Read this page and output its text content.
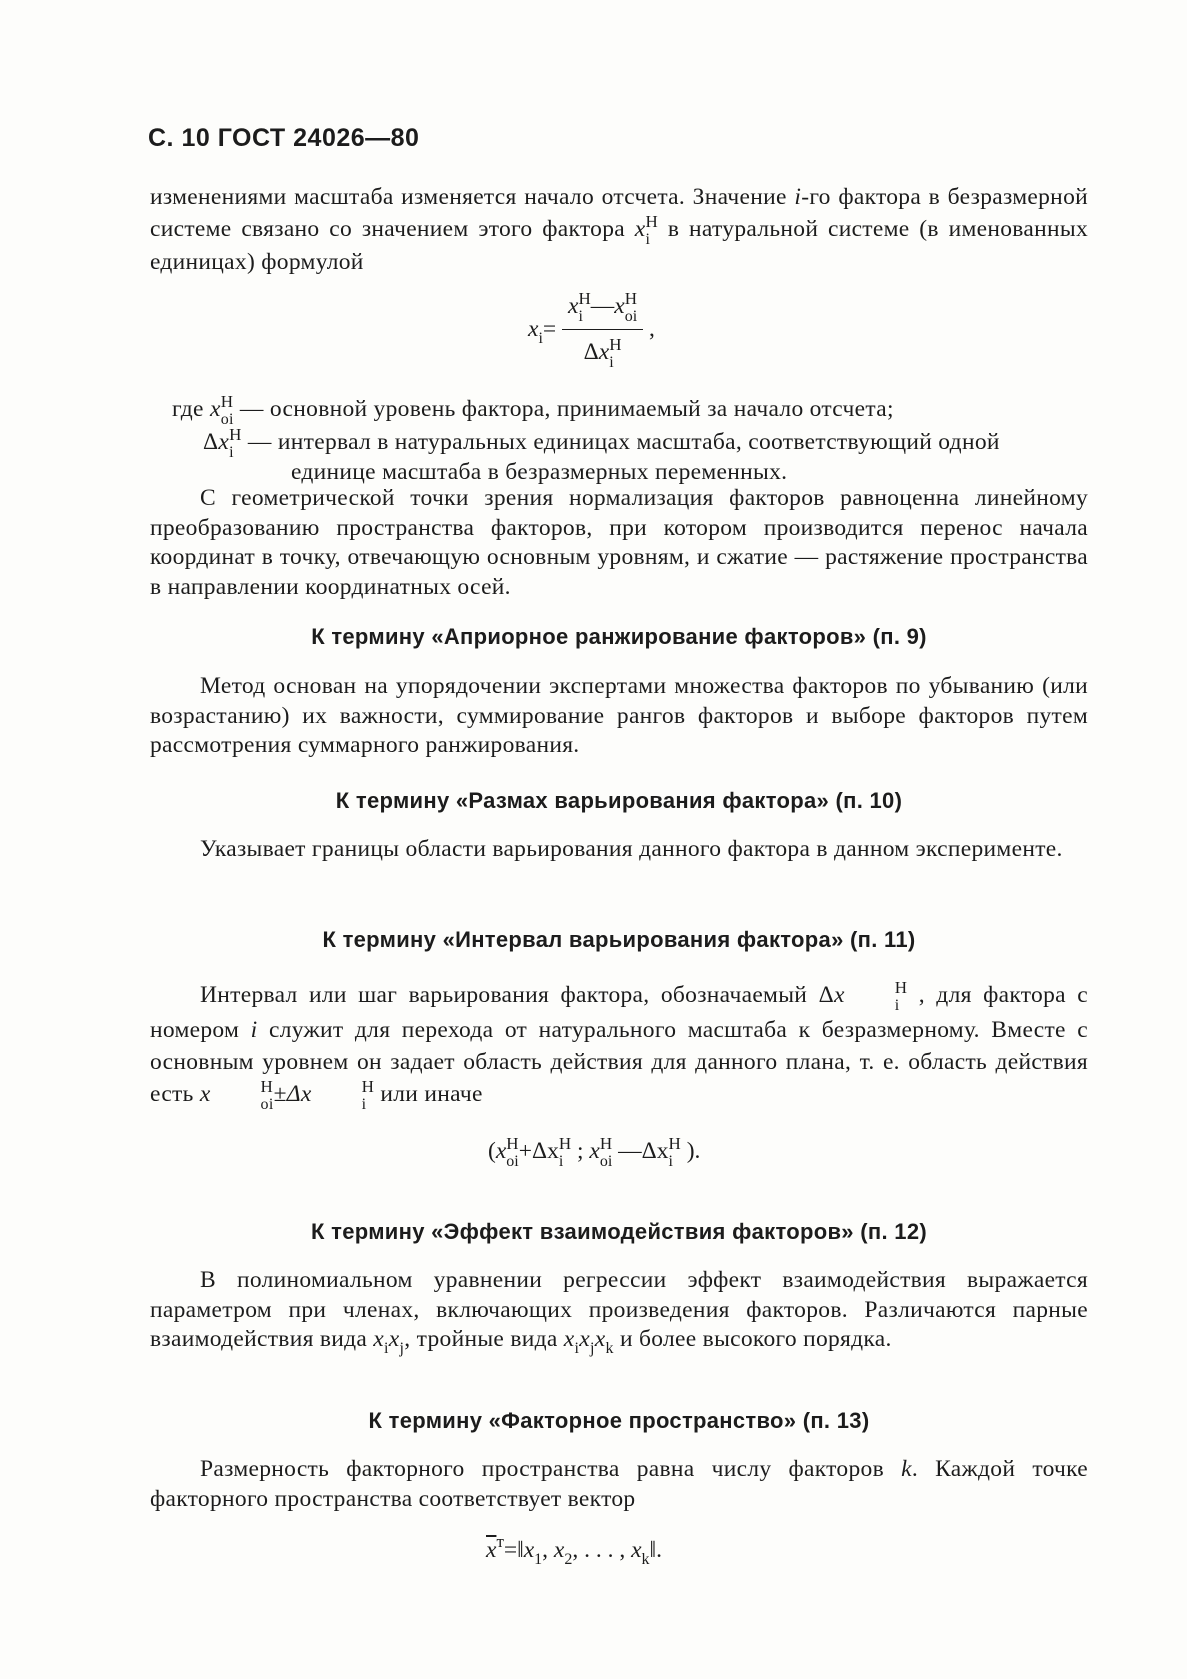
С. 10 ГОСТ 24026—80

изменениями масштаба изменяется начало отсчета. Значение i-го фактора в безразмерной системе связано со значением этого фактора x H
i в натуральной системе (в именованных единицах) формулой

$x_i= x$ H
i —x H
oi
Δx H
i ,
где x H
oi — основной уровень фактора, принимаемый за начало отсчета;
Δx H
i — интервал в натуральных единицах масштаба, соответствующий одной
единице масштаба в безразмерных переменных.

С геометрической точки зрения нормализация факторов равноценна линейному преобразованию пространства факторов, при котором производится перенос начала координат в точку, отвечающую основным уровням, и сжатие — растяжение пространства в направлении координатных осей.

К термину «Априорное ранжирование факторов» (п. 9)

Метод основан на упорядочении экспертами множества факторов по убыванию (или возрастанию) их важности, суммирование рангов факторов и выборе факторов путем рассмотрения суммарного ранжирования.

К термину «Размах варьирования фактора» (п. 10)

Указывает границы области варьирования данного фактора в данном эксперименте.

К термину «Интервал варьирования фактора» (п. 11)

Интервал или шаг варьирования фактора, обозначаемый Δx	H
i , для фактора с номером i служит для перехода от натурального масштаба к безразмерному. Вместе с основным уровнем он задает область действия для данного плана, т. е. область действия есть x	H
oi ±Δx	H
i или иначе

(x H
oi +Δx H
i ; x H
oi —Δx H
i ).
К термину «Эффект взаимодействия факторов» (п. 12)

В полиномиальном уравнении регрессии эффект взаимодействия выражается параметром при членах, включающих произведения факторов. Различаются парные взаимодействия вида $x_ix_j$, тройные вида $x_ix_jx_k$ и более высокого порядка.

К термину «Факторное пространство» (п. 13)

Размерность факторного пространства равна числу факторов k. Каждой точке факторного пространства соответствует вектор

$\overline{x}^т=‖x_1$, $x_2$, . . . , $x_k‖$.
